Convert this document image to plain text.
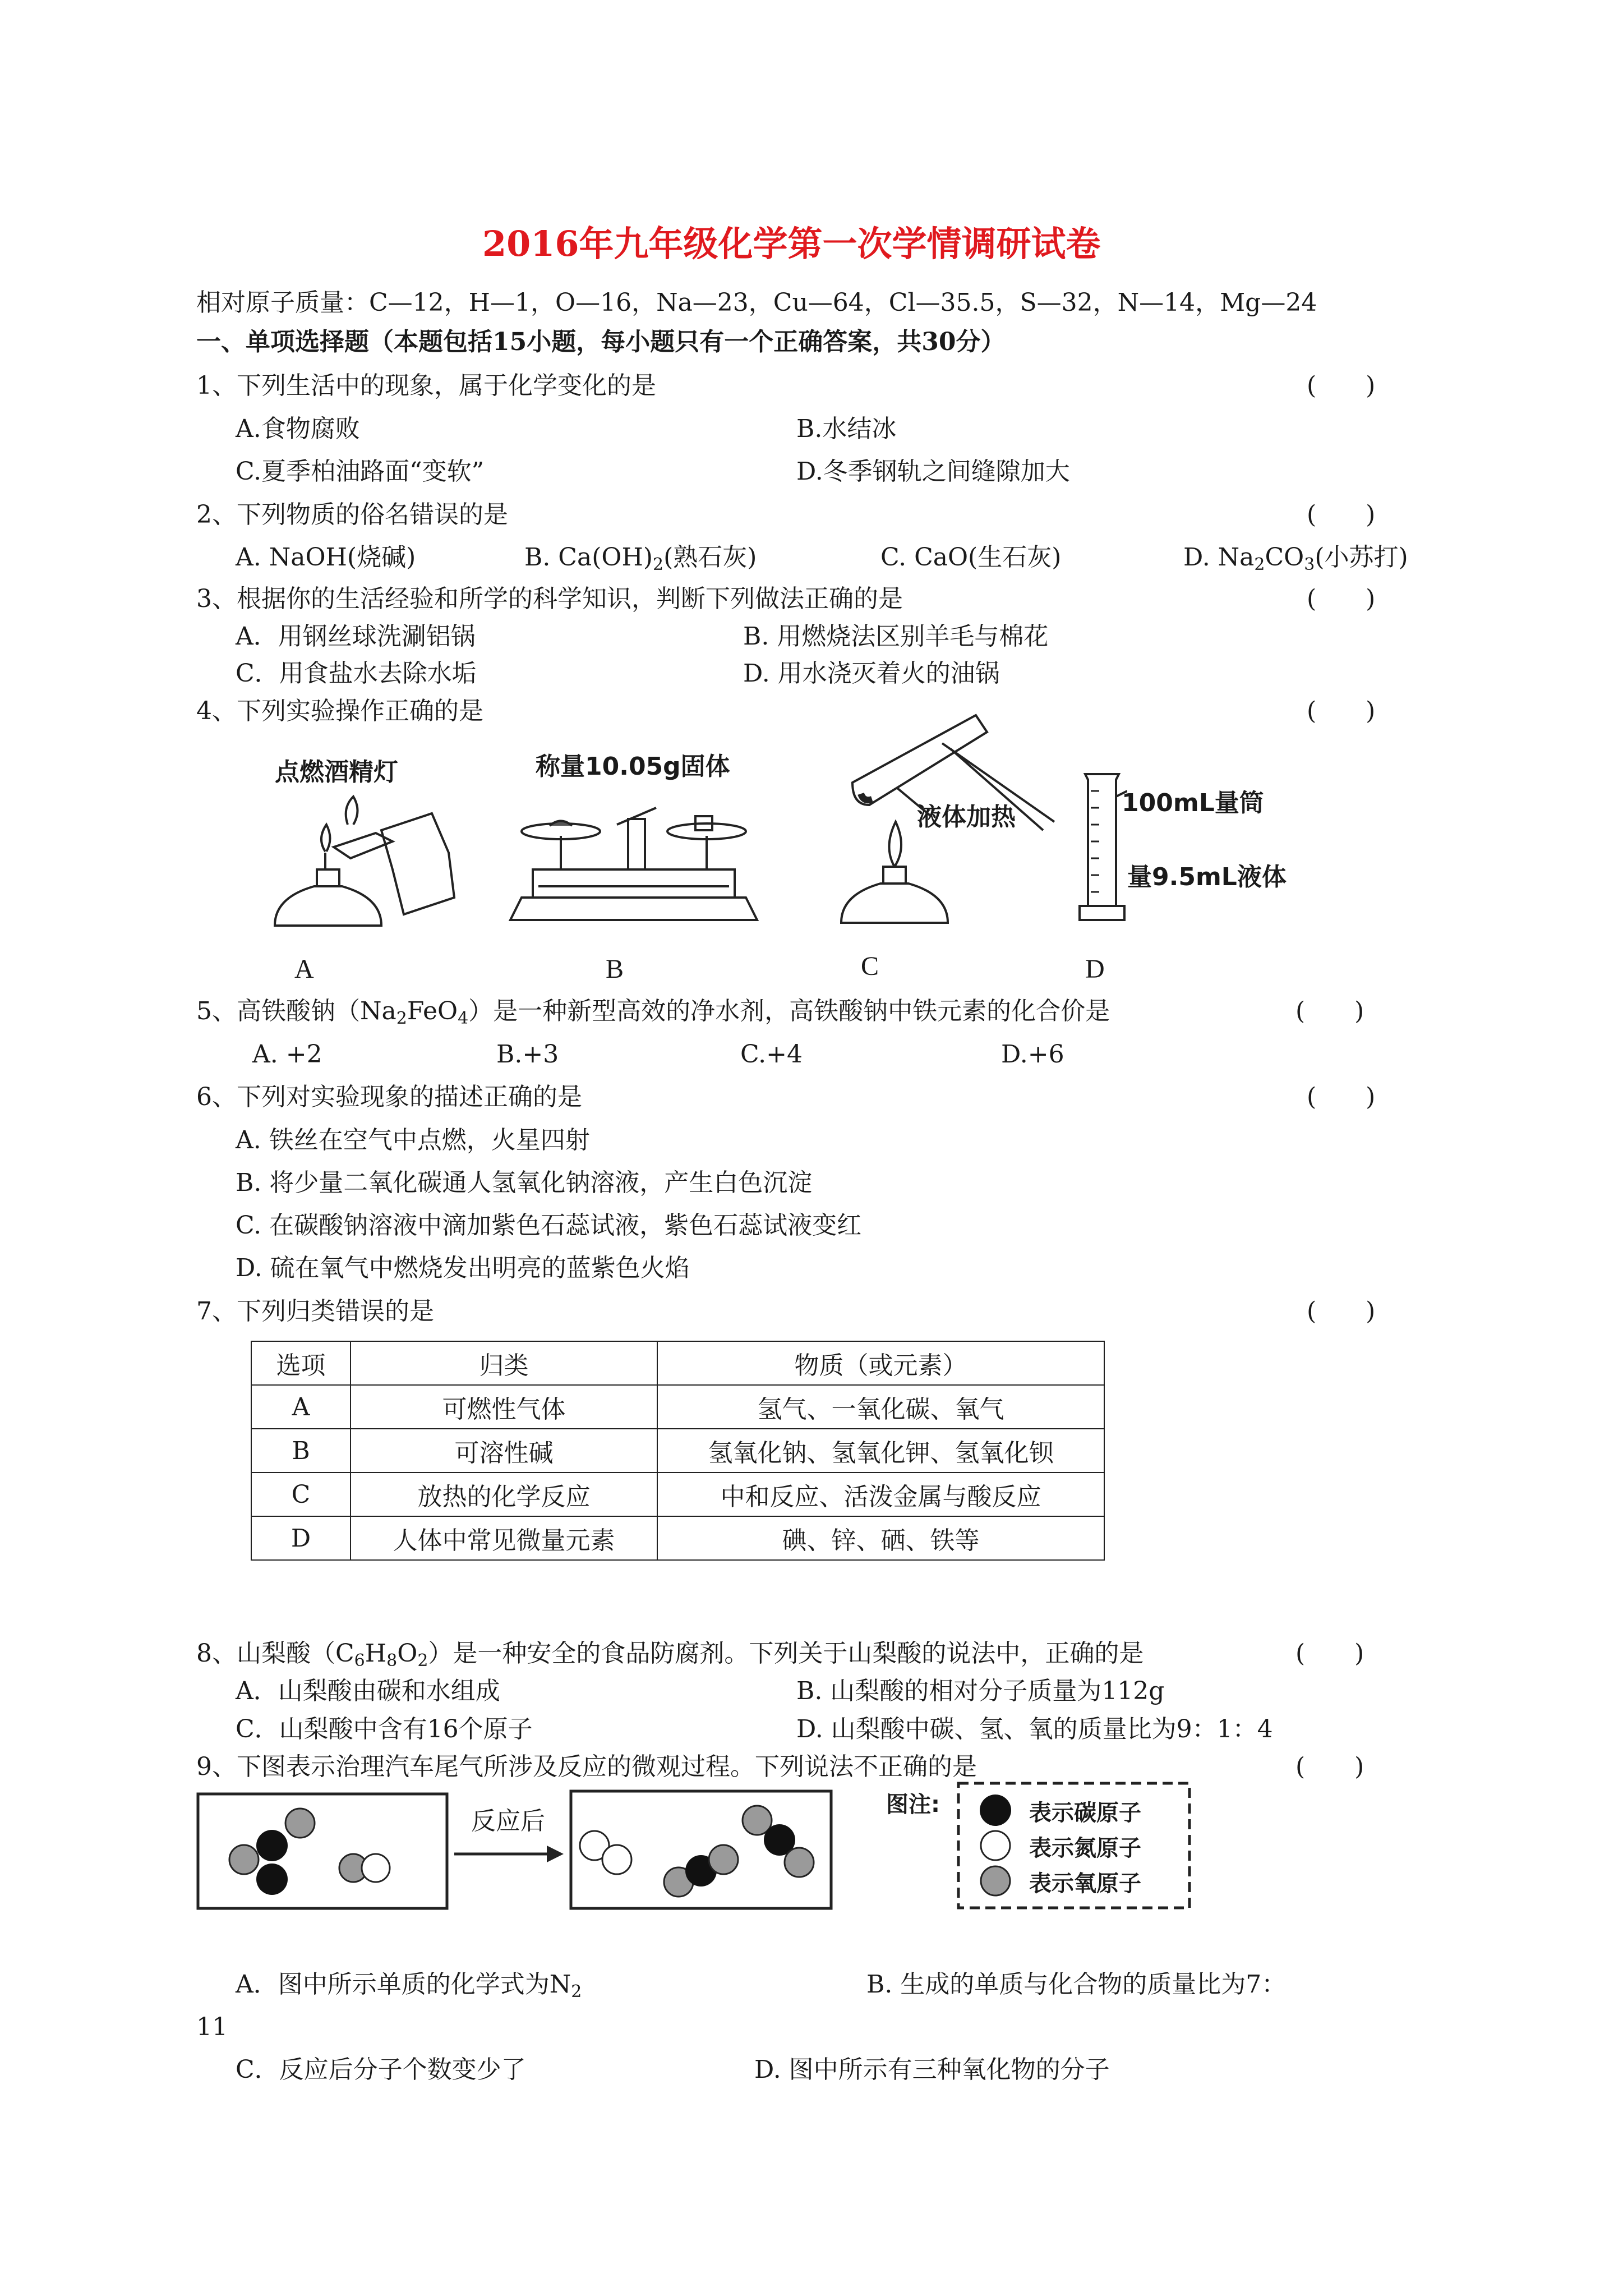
2016年九年级化学第一次学情调研试卷
相对原子质量：C—12，H—1，O—16，Na—23，Cu—64，Cl—35.5，S—32，N—14，Mg—24
一、单项选择题（本题包括15小题，每小题只有一个正确答案，共30分）
1、下列生活中的现象，属于化学变化的是	(　　)
A.食物腐败	B.水结冰
C.夏季柏油路面“变软”	D.冬季钢轨之间缝隙加大
2、下列物质的俗名错误的是	(　　)
A. NaOH(烧碱)	B. $Ca(OH)_2$(熟石灰)	C. CaO(生石灰)	D. $Na_2CO_3$(小苏打)
3、根据你的生活经验和所学的科学知识，判断下列做法正确的是	(　　)
A．用钢丝球洗涮铝锅	B. 用燃烧法区别羊毛与棉花
C．用食盐水去除水垢	D. 用水浇灭着火的油锅
4、下列实验操作正确的是	(　　)
点燃酒精灯	称量10.05g固体
液体加热	100mL量筒
量9.5mL液体
A	B	C	D
5、高铁酸钠$(Na_2FeO_4)$是一种新型高效的净水剂，高铁酸钠中铁元素的化合价是	(　　)
A. +2	B.+3	C.+4	D.+6
6、下列对实验现象的描述正确的是	(　　)
A. 铁丝在空气中点燃，火星四射
B. 将少量二氧化碳通人氢氧化钠溶液，产生白色沉淀
C. 在碳酸钠溶液中滴加紫色石蕊试液，紫色石蕊试液变红
D. 硫在氧气中燃烧发出明亮的蓝紫色火焰
7、下列归类错误的是	(　　)
选项	归类	物质（或元素）
A	可燃性气体	氢气、一氧化碳、氧气
B	可溶性碱	氢氧化钠、氢氧化钾、氢氧化钡
C	放热的化学反应	中和反应、活泼金属与酸反应
D	人体中常见微量元素	碘、锌、硒、铁等
8、山梨酸$(C_6H_8O_2)$是一种安全的食品防腐剂。下列关于山梨酸的说法中，正确的是	(　　)
A．山梨酸由碳和水组成	B. 山梨酸的相对分子质量为112g
C．山梨酸中含有16个原子	D. 山梨酸中碳、氢、氧的质量比为9：1：4
9、下图表示治理汽车尾气所涉及反应的微观过程。下列说法不正确的是	(　　)
反应后
图注:	表示碳原子
表示氮原子
表示氧原子
A．图中所示单质的化学式为$N_2$	B. 生成的单质与化合物的质量比为7：
11
C．反应后分子个数变少了	D. 图中所示有三种氧化物的分子
